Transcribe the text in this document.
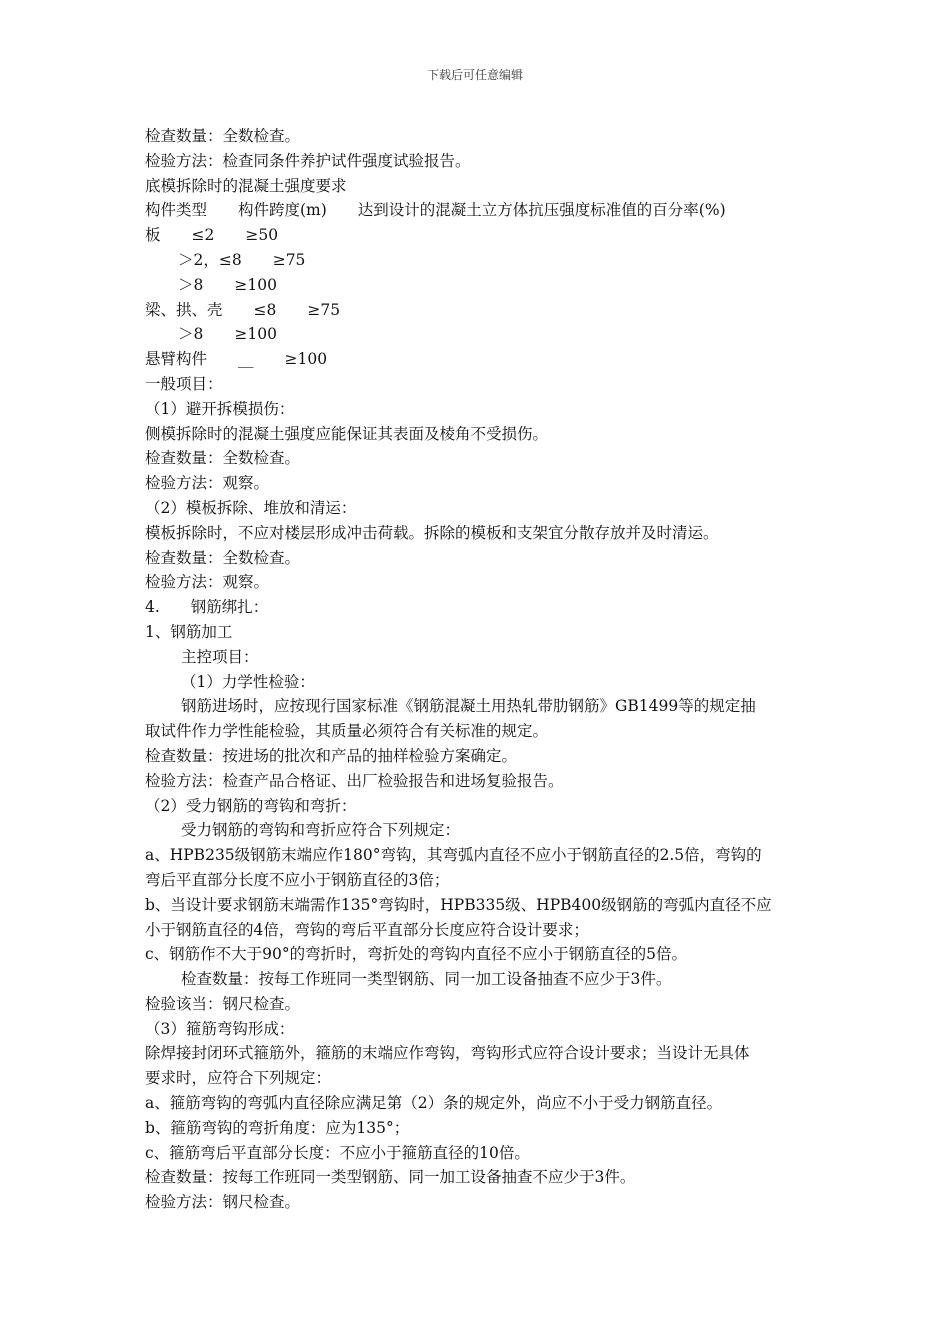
下载后可任意编辑
检查数量：全数检查。
检验方法：检查同条件养护试件强度试验报告。
底模拆除时的混凝土强度要求
构件类型　　构件跨度(m)　　达到设计的混凝土立方体抗压强度标准值的百分率(%)
板　　≤2　　≥50
＞2，≤8　　≥75
＞8　　≥100
梁、拱、壳　　≤8　　≥75
＞8　　≥100
悬臂构件　　__　　≥100
一般项目：
（1）避开拆模损伤：
侧模拆除时的混凝土强度应能保证其表面及棱角不受损伤。
检查数量：全数检查。
检验方法：观察。
（2）模板拆除、堆放和清运：
模板拆除时，不应对楼层形成冲击荷载。拆除的模板和支架宜分散存放并及时清运。
检查数量：全数检查。
检验方法：观察。
4.　　钢筋绑扎：
1、钢筋加工
主控项目：
（1）力学性检验：
钢筋进场时，应按现行国家标准《钢筋混凝土用热轧带肋钢筋》GB1499等的规定抽
取试件作力学性能检验，其质量必须符合有关标准的规定。
检查数量：按进场的批次和产品的抽样检验方案确定。
检验方法：检查产品合格证、出厂检验报告和进场复验报告。
（2）受力钢筋的弯钩和弯折：
受力钢筋的弯钩和弯折应符合下列规定：
a、HPB235级钢筋末端应作180°弯钩，其弯弧内直径不应小于钢筋直径的2.5倍，弯钩的
弯后平直部分长度不应小于钢筋直径的3倍；
b、当设计要求钢筋末端需作135°弯钩时，HPB335级、HPB400级钢筋的弯弧内直径不应
小于钢筋直径的4倍，弯钩的弯后平直部分长度应符合设计要求；
c、钢筋作不大于90°的弯折时，弯折处的弯钩内直径不应小于钢筋直径的5倍。
检查数量：按每工作班同一类型钢筋、同一加工设备抽查不应少于3件。
检验该当：钢尺检查。
（3）箍筋弯钩形成：
除焊接封闭环式箍筋外，箍筋的末端应作弯钩，弯钩形式应符合设计要求；当设计无具体
要求时，应符合下列规定：
a、箍筋弯钩的弯弧内直径除应满足第（2）条的规定外，尚应不小于受力钢筋直径。
b、箍筋弯钩的弯折角度：应为135°；
c、箍筋弯后平直部分长度：不应小于箍筋直径的10倍。
检查数量：按每工作班同一类型钢筋、同一加工设备抽查不应少于3件。
检验方法：钢尺检查。
